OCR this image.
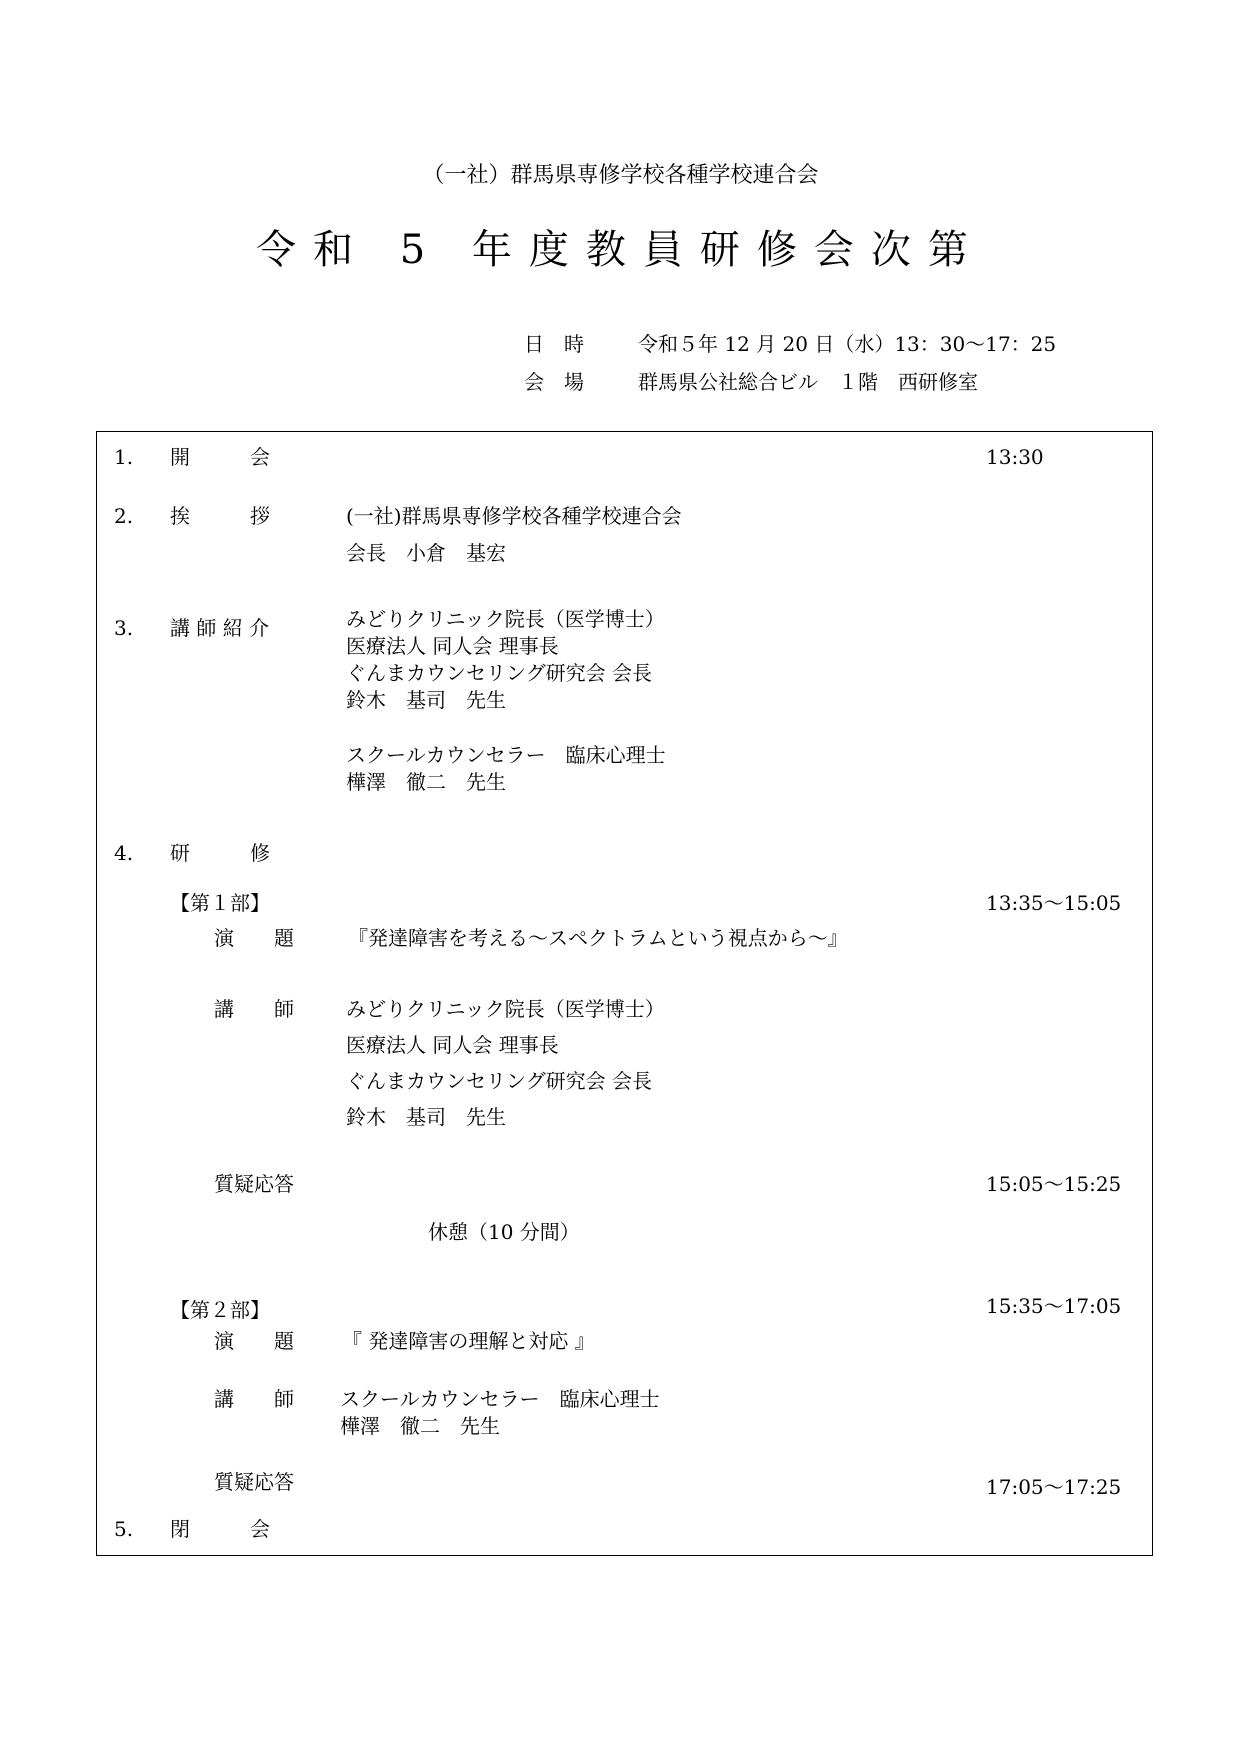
（一社）群馬県専修学校各種学校連合会
令和 5 年度教員研修会次第
日　時	令和５年 12 月 20 日（水）13：30〜17：25
会　場	群馬県公社総合ビル　１階　西研修室
1. 開　　　会	13:30
2. 挨　　　拶	(一社)群馬県専修学校各種学校連合会
会長　小倉　基宏
3. 講 師 紹 介	みどりクリニック院長（医学博士）
医療法人 同人会 理事長
ぐんまカウンセリング研究会 会長
鈴木　基司　先生
スクールカウンセラー　臨床心理士
樺澤　徹二　先生
4. 研　　　修
【第１部】	13:35〜15:05
演　　題	『発達障害を考える〜スペクトラムという視点から〜』
講　　師	みどりクリニック院長（医学博士）
医療法人 同人会 理事長
ぐんまカウンセリング研究会 会長
鈴木　基司　先生
質疑応答	15:05〜15:25
休憩（10 分間）
【第２部】	15:35〜17:05
演　　題 『 発達障害の理解と対応 』
講　　師 スクールカウンセラー　臨床心理士
樺澤　徹二　先生
質疑応答	17:05〜17:25
5. 閉　　　会
